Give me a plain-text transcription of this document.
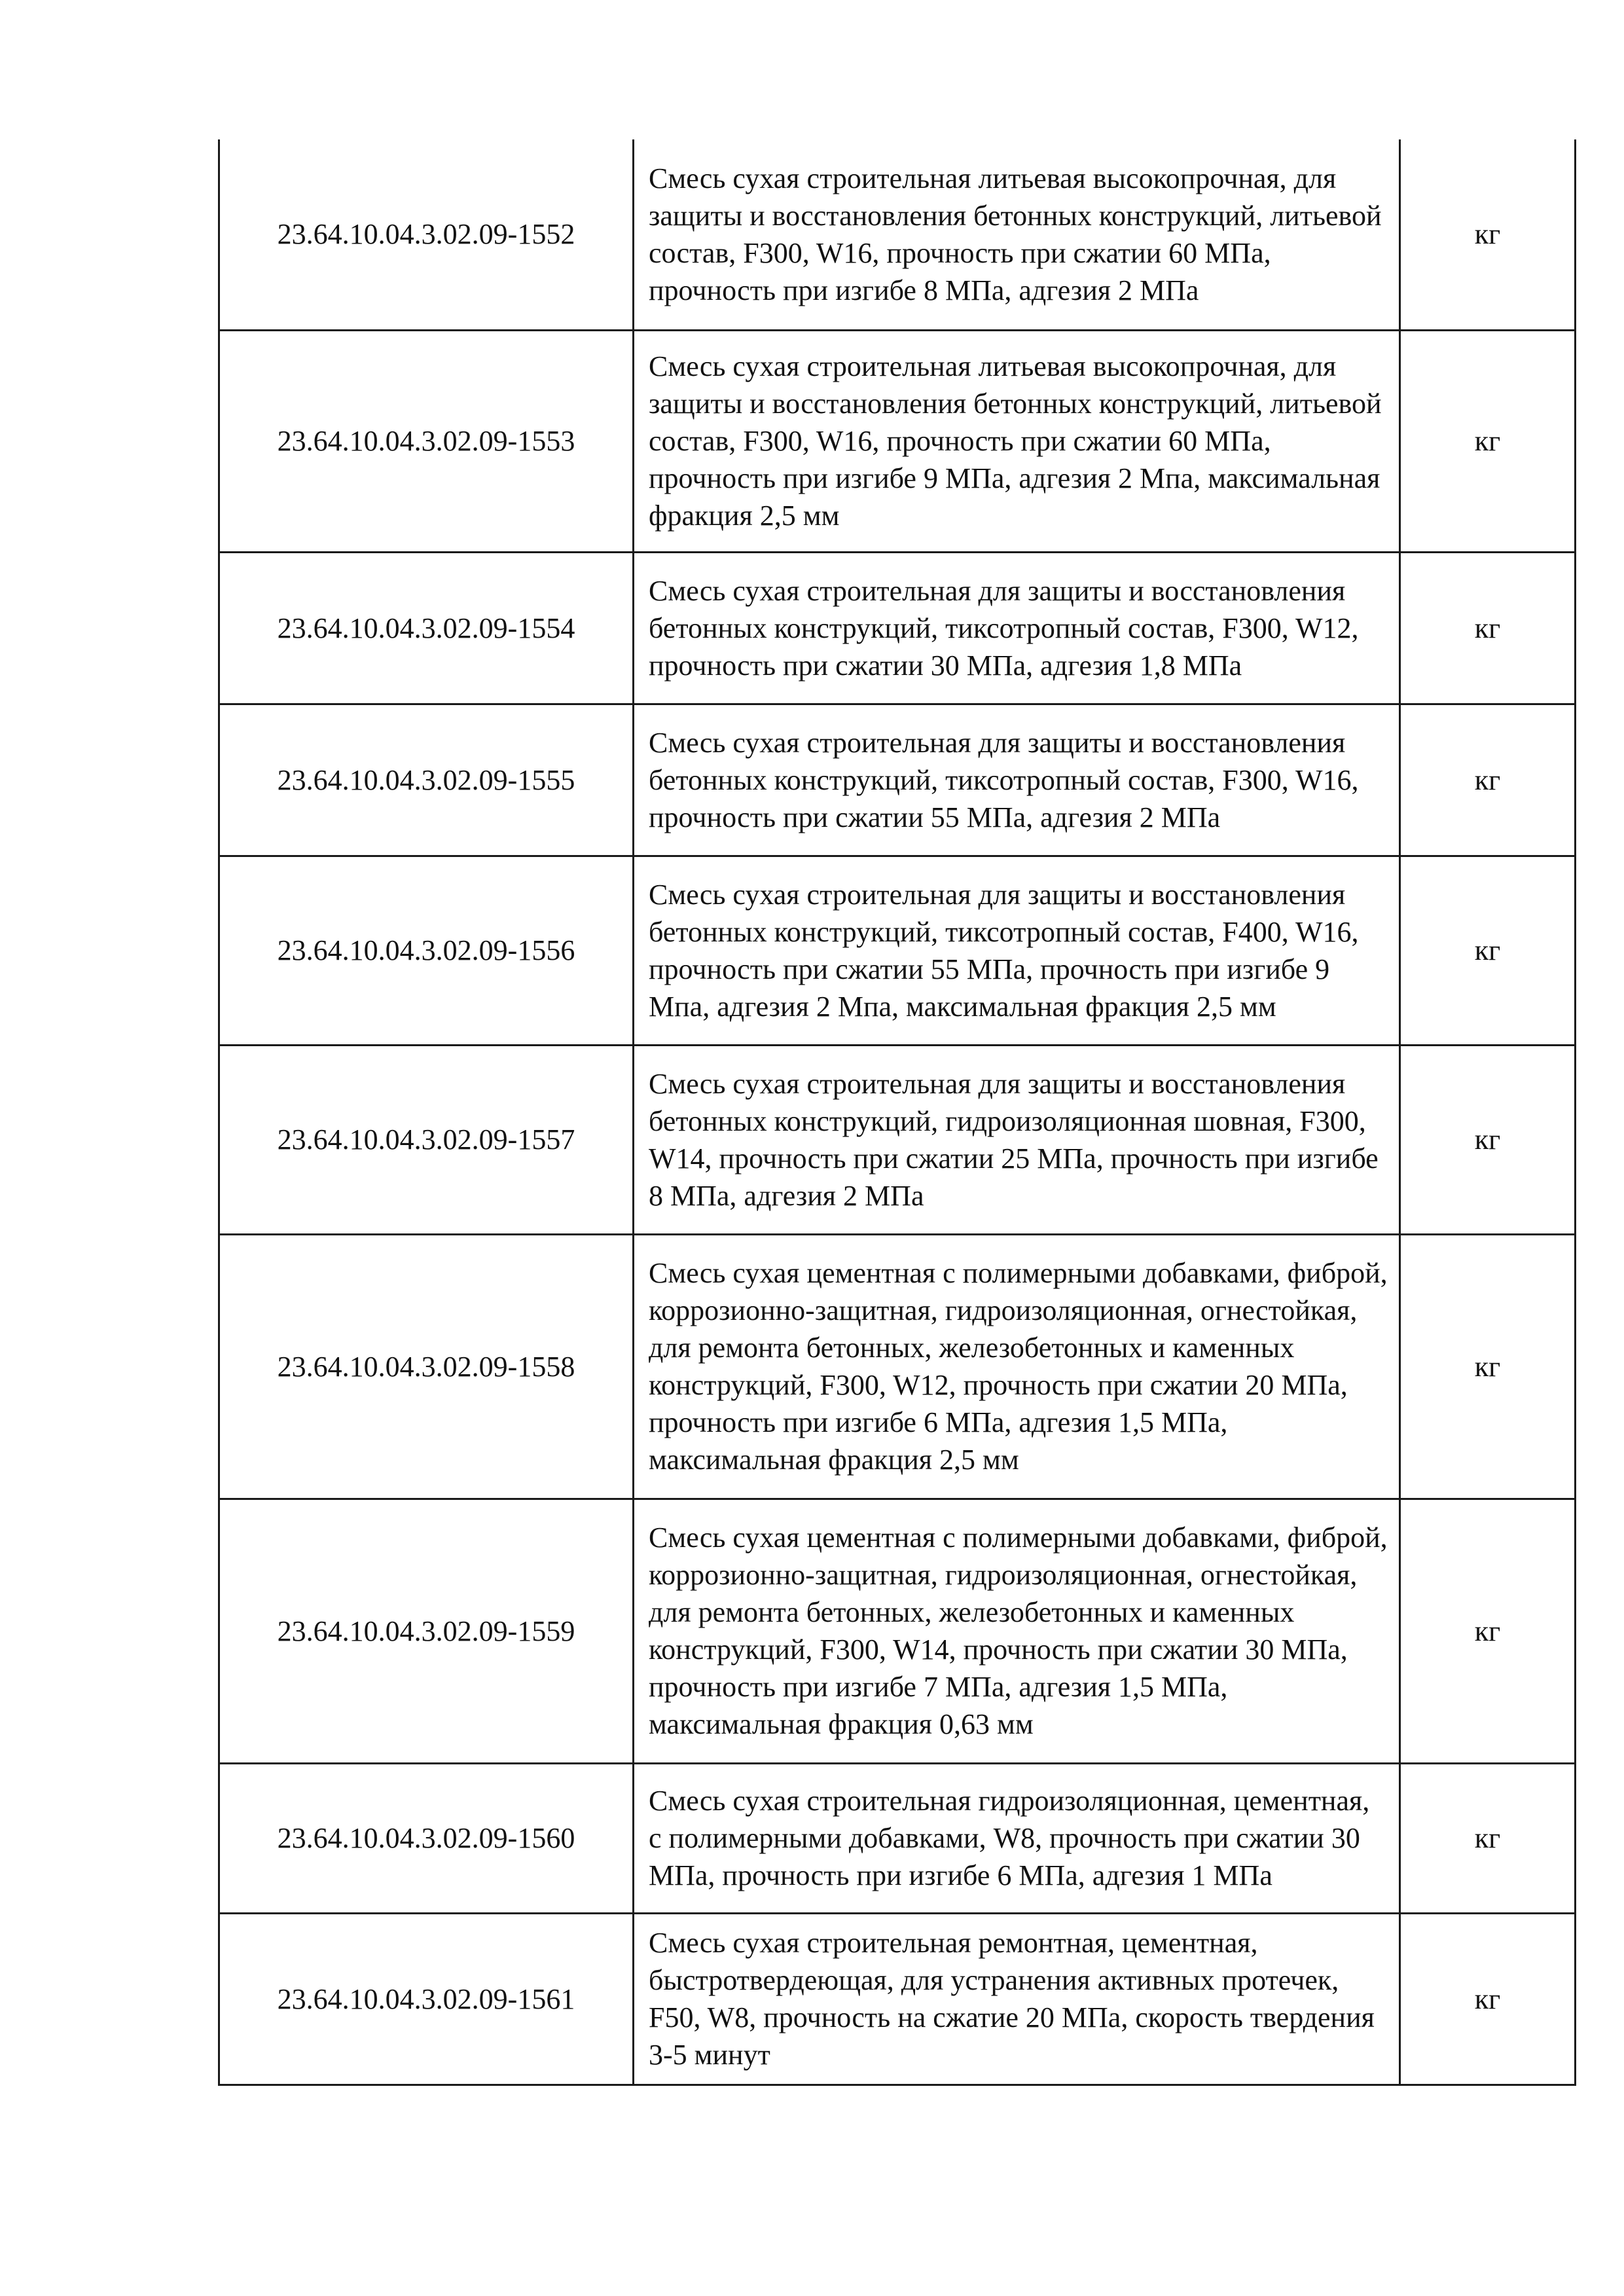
23.64.10.04.3.02.09-1552	Смесь сухая строительная литьевая высокопрочная, для защиты и восстановления бетонных конструкций, литьевой состав, F300, W16, прочность при сжатии 60 МПа, прочность при изгибе 8 МПа, адгезия 2 МПа	кг
23.64.10.04.3.02.09-1553	Смесь сухая строительная литьевая высокопрочная, для защиты и восстановления бетонных конструкций, литьевой состав, F300, W16, прочность при сжатии 60 МПа, прочность при изгибе 9 МПа, адгезия 2 Мпа, максимальная фракция 2,5 мм	кг
23.64.10.04.3.02.09-1554	Смесь сухая строительная для защиты и восстановления бетонных конструкций, тиксотропный состав, F300, W12, прочность при сжатии 30 МПа, адгезия 1,8 МПа	кг
23.64.10.04.3.02.09-1555	Смесь сухая строительная для защиты и восстановления бетонных конструкций, тиксотропный состав, F300, W16, прочность при сжатии 55 МПа, адгезия 2 МПа	кг
23.64.10.04.3.02.09-1556	Смесь сухая строительная для защиты и восстановления бетонных конструкций, тиксотропный состав, F400, W16, прочность при сжатии 55 МПа, прочность при изгибе 9 Мпа, адгезия 2 Мпа, максимальная фракция 2,5 мм	кг
23.64.10.04.3.02.09-1557	Смесь сухая строительная для защиты и восстановления бетонных конструкций, гидроизоляционная шовная, F300, W14, прочность при сжатии 25 МПа, прочность при изгибе 8 МПа, адгезия 2 МПа	кг
23.64.10.04.3.02.09-1558	Смесь сухая цементная с полимерными добавками, фиброй, коррозионно-защитная, гидроизоляционная, огнестойкая, для ремонта бетонных, железобетонных и каменных конструкций, F300, W12, прочность при сжатии 20 МПа, прочность при изгибе 6 МПа, адгезия 1,5 МПа, максимальная фракция 2,5 мм	кг
23.64.10.04.3.02.09-1559	Смесь сухая цементная с полимерными добавками, фиброй, коррозионно-защитная, гидроизоляционная, огнестойкая, для ремонта бетонных, железобетонных и каменных конструкций, F300, W14, прочность при сжатии 30 МПа, прочность при изгибе 7 МПа, адгезия 1,5 МПа, максимальная фракция 0,63 мм	кг
23.64.10.04.3.02.09-1560	Смесь сухая строительная гидроизоляционная, цементная, с полимерными добавками, W8, прочность при сжатии 30 МПа, прочность при изгибе 6 МПа, адгезия 1 МПа	кг
23.64.10.04.3.02.09-1561	Смесь сухая строительная ремонтная, цементная, быстротвердеющая, для устранения активных протечек, F50, W8, прочность на сжатие 20 МПа, скорость твердения 3-5 минут	кг
